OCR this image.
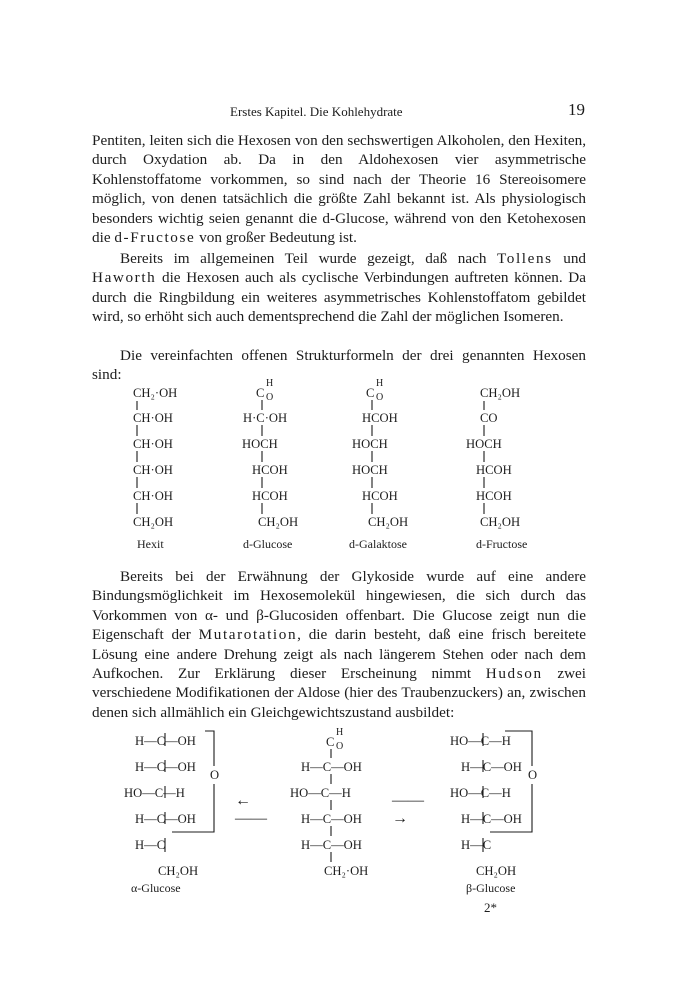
Erstes Kapitel. Die Kohlehydrate	19
Pentiten, leiten sich die Hexosen von den sechswertigen Alkoholen, den Hexiten, durch Oxydation ab. Da in den Aldohexosen vier asymmetrische Kohlenstoffatome vorkommen, so sind nach der Theorie 16 Stereoisomere möglich, von denen tatsächlich die größte Zahl bekannt ist. Als physiologisch besonders wichtig seien genannt die d-Glucose, während von den Ketohexosen die d-Fructose von großer Bedeutung ist.
Bereits im allgemeinen Teil wurde gezeigt, daß nach Tollens und Haworth die Hexosen auch als cyclische Verbindungen auftreten können. Da durch die Ringbildung ein weiteres asymmetrisches Kohlenstoffatom gebildet wird, so erhöht sich auch dementsprechend die Zahl der möglichen Isomeren.
Die vereinfachten offenen Strukturformeln der drei genannten Hexosen sind:
CH₂·OH
CH·OH
CH·OH
CH·OH
CH·OH
CH₂OH
Hexit
C
H
O
H·C·OH
HOCH
HCOH
HCOH
CH₂OH
d-Glucose
C
H
O
HCOH
HOCH
HOCH
HCOH
CH₂OH
d-Galaktose
CH₂OH
CO
HOCH
HCOH
HCOH
CH₂OH
d-Fructose
Bereits bei der Erwähnung der Glykoside wurde auf eine andere Bindungsmöglichkeit im Hexosemolekül hingewiesen, die sich durch das Vorkommen von α- und β-Glucosiden offenbart. Die Glucose zeigt nun die Eigenschaft der Mutarotation, die darin besteht, daß eine frisch bereitete Lösung eine andere Drehung zeigt als nach längerem Stehen oder nach dem Aufkochen. Zur Erklärung dieser Erscheinung nimmt Hudson zwei verschiedene Modifikationen der Aldose (hier des Traubenzuckers) an, zwischen denen sich allmählich ein Gleichgewichtszustand ausbildet:
H—C—OH
H—C—OH
HO—C—H
H—C—OH
H—C
CH₂OH
O
α-Glucose
←——
C
H
O
H—C—OH
HO—C—H
H—C—OH
H—C—OH
CH₂·OH
——→
HO—C—H
H—C—OH
HO—C—H
H—C—OH
H—C
CH₂OH
O
β-Glucose
2*
